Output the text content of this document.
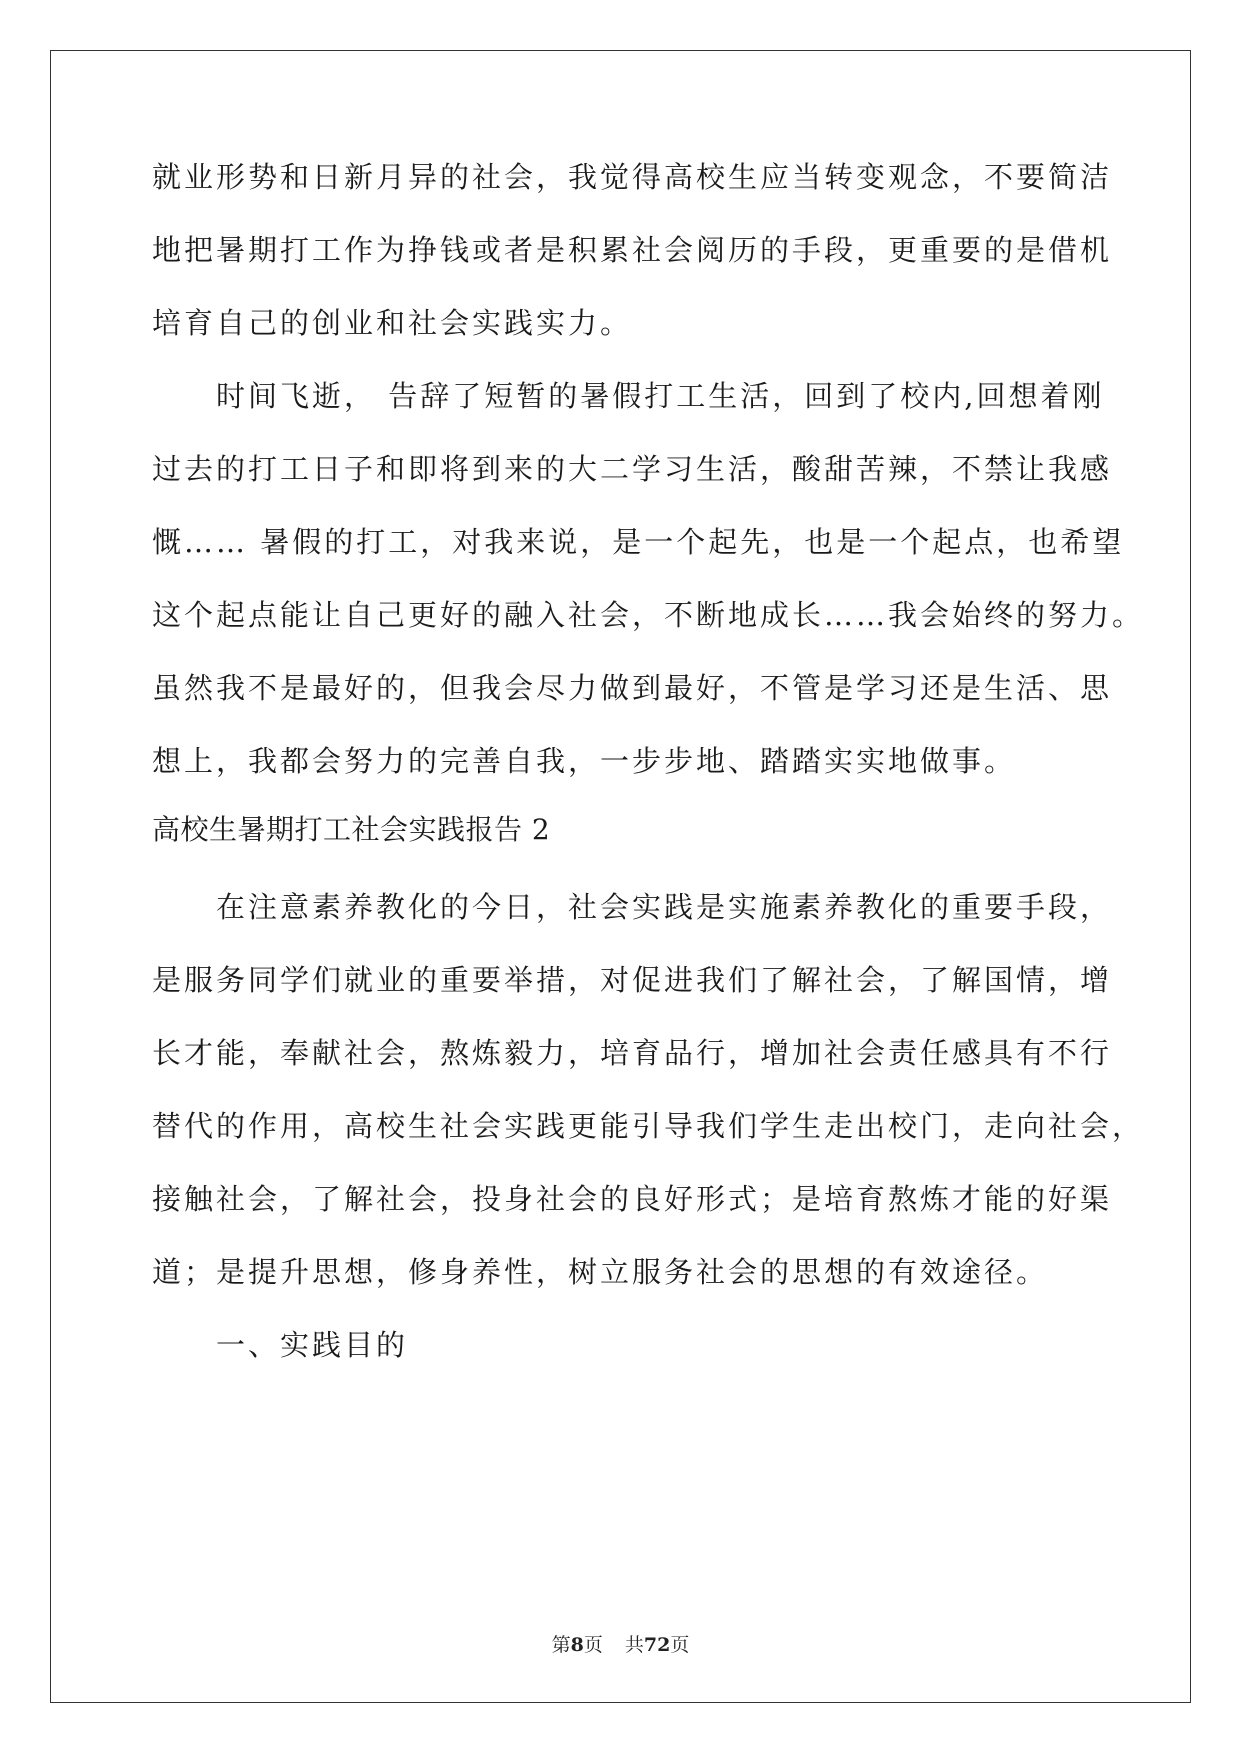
就业形势和日新月异的社会，我觉得高校生应当转变观念，不要简洁
地把暑期打工作为挣钱或者是积累社会阅历的手段，更重要的是借机
培育自己的创业和社会实践实力。
时间飞逝， 告辞了短暂的暑假打工生活，回到了校内,回想着刚
过去的打工日子和即将到来的大二学习生活，酸甜苦辣，不禁让我感
慨…… 暑假的打工，对我来说，是一个起先，也是一个起点，也希望
这个起点能让自己更好的融入社会，不断地成长……我会始终的努力。
虽然我不是最好的，但我会尽力做到最好，不管是学习还是生活、思
想上，我都会努力的完善自我，一步步地、踏踏实实地做事。
高校生暑期打工社会实践报告 2
在注意素养教化的今日，社会实践是实施素养教化的重要手段，
是服务同学们就业的重要举措，对促进我们了解社会，了解国情，增
长才能，奉献社会，熬炼毅力，培育品行，增加社会责任感具有不行
替代的作用，高校生社会实践更能引导我们学生走出校门，走向社会，
接触社会，了解社会，投身社会的良好形式；是培育熬炼才能的好渠
道；是提升思想，修身养性，树立服务社会的思想的有效途径。
一、实践目的
第8页 共72页
